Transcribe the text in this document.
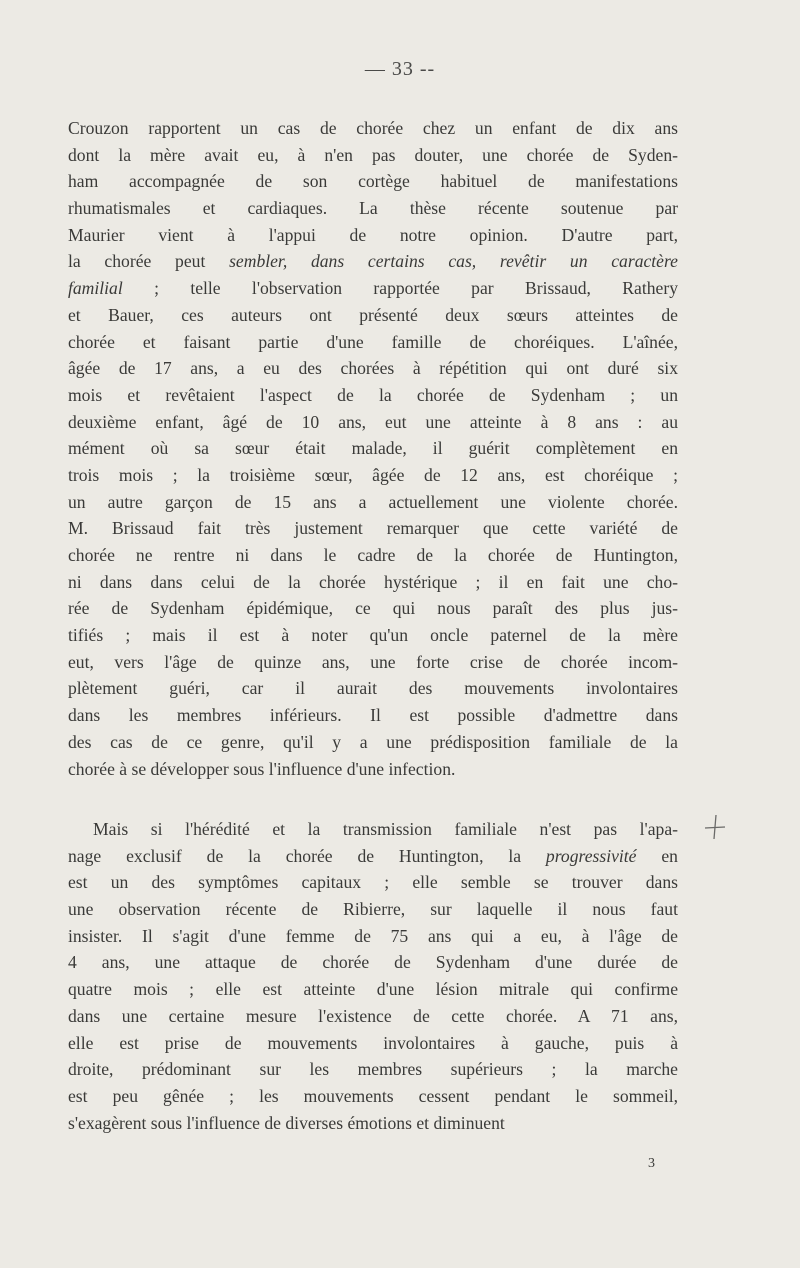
— 33 --
Crouzon rapportent un cas de chorée chez un enfant de dix ans
dont la mère avait eu, à n'en pas douter, une chorée de Syden-
ham accompagnée de son cortège habituel de manifestations
rhumatismales et cardiaques. La thèse récente soutenue par
Maurier vient à l'appui de notre opinion. D'autre part,
la chorée peut sembler, dans certains cas, revêtir un caractère
familial ; telle l'observation rapportée par Brissaud, Rathery
et Bauer, ces auteurs ont présenté deux sœurs atteintes de
chorée et faisant partie d'une famille de choréiques. L'aînée,
âgée de 17 ans, a eu des chorées à répétition qui ont duré six
mois et revêtaient l'aspect de la chorée de Sydenham ; un
deuxième enfant, âgé de 10 ans, eut une atteinte à 8 ans : au
mément où sa sœur était malade, il guérit complètement en
trois mois ; la troisième sœur, âgée de 12 ans, est choréique ;
un autre garçon de 15 ans a actuellement une violente chorée.
M. Brissaud fait très justement remarquer que cette variété de
chorée ne rentre ni dans le cadre de la chorée de Huntington,
ni dans dans celui de la chorée hystérique ; il en fait une cho-
rée de Sydenham épidémique, ce qui nous paraît des plus jus-
tifiés ; mais il est à noter qu'un oncle paternel de la mère
eut, vers l'âge de quinze ans, une forte crise de chorée incom-
plètement guéri, car il aurait des mouvements involontaires
dans les membres inférieurs. Il est possible d'admettre dans
des cas de ce genre, qu'il y a une prédisposition familiale de la
chorée à se développer sous l'influence d'une infection.
Mais si l'hérédité et la transmission familiale n'est pas l'apa-
nage exclusif de la chorée de Huntington, la progressivité en
est un des symptômes capitaux ; elle semble se trouver dans
une observation récente de Ribierre, sur laquelle il nous faut
insister. Il s'agit d'une femme de 75 ans qui a eu, à l'âge de
4 ans, une attaque de chorée de Sydenham d'une durée de
quatre mois ; elle est atteinte d'une lésion mitrale qui confirme
dans une certaine mesure l'existence de cette chorée. A 71 ans,
elle est prise de mouvements involontaires à gauche, puis à
droite, prédominant sur les membres supérieurs ; la marche
est peu gênée ; les mouvements cessent pendant le sommeil,
s'exagèrent sous l'influence de diverses émotions et diminuent
3
